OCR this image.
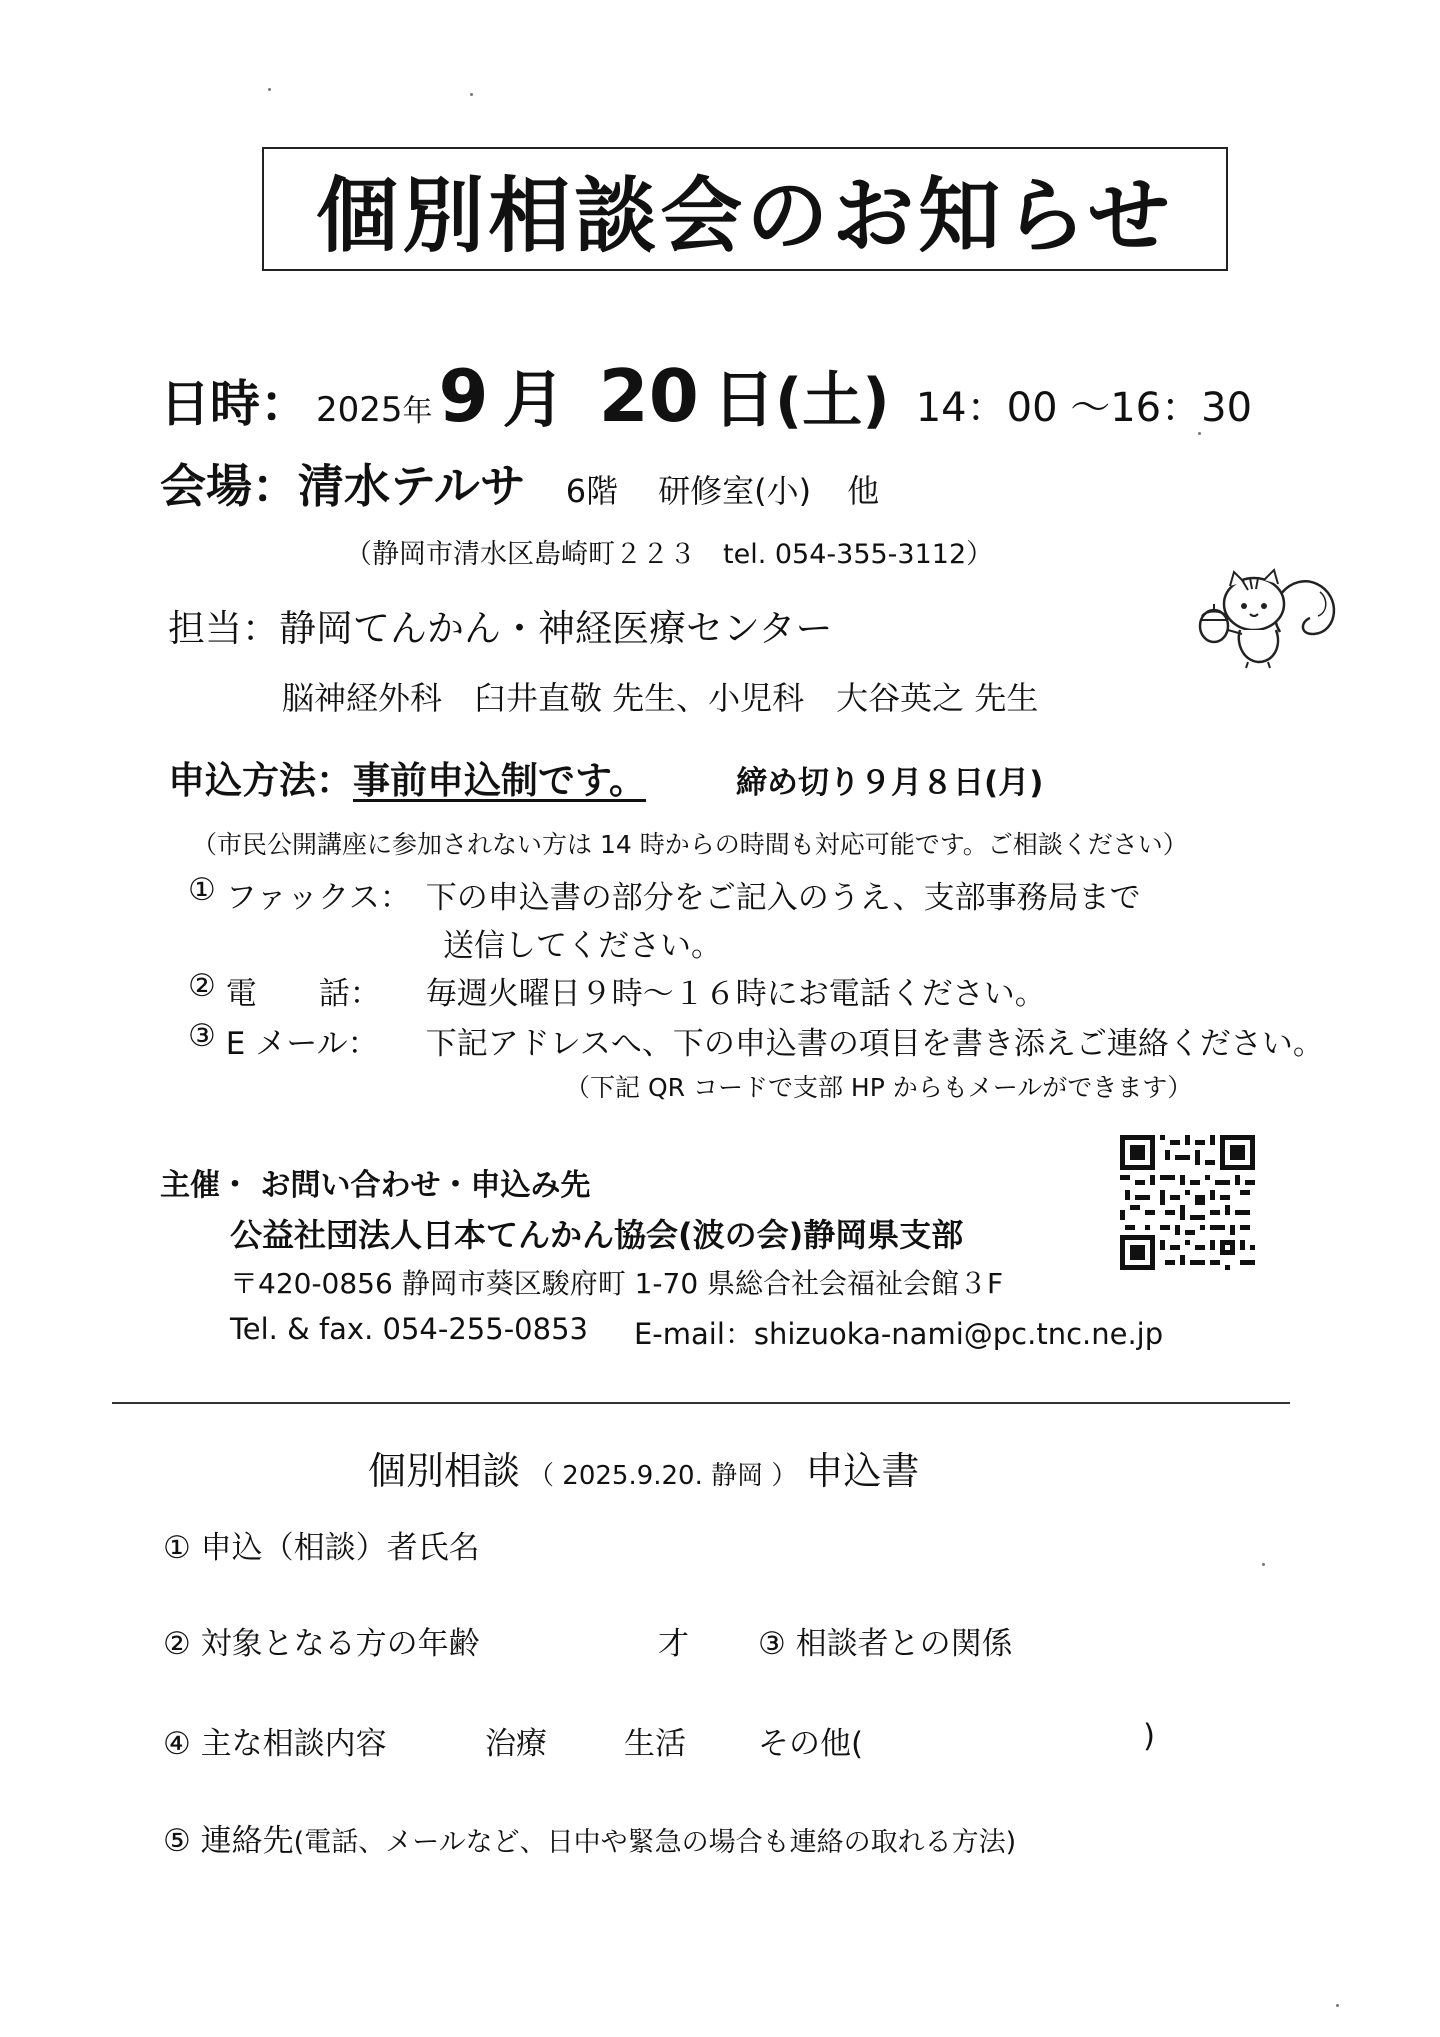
個別相談会のお知らせ
日時： 2025 年 9 月 20 日 (土) 14：00 ～16：30
会場： 清水テルサ 6階 研修室(小) 他
（静岡市清水区島崎町２２３　tel. 054-355-3112）
担当： 静岡てんかん・神経医療センター
脳神経外科　臼井直敬 先生、小児科　大谷英之 先生
申込方法： 事前申込制です。	締め切り９月８日(月)
（市民公開講座に参加されない方は 14 時からの時間も対応可能です。ご相談ください）
① ファックス： 下の申込書の部分をご記入のうえ、支部事務局まで
送信してください。
② 電　　話：	毎週火曜日９時～１６時にお電話ください。
③ E メール：	下記アドレスへ、下の申込書の項目を書き添えご連絡ください。
（下記 QR コードで支部 HP からもメールができます）
主催・ お問い合わせ・申込み先
公益社団法人日本てんかん協会(波の会)静岡県支部
〒420-0856 静岡市葵区駿府町 1-70 県総合社会福祉会館３F
Tel. & fax. 054-255-0853 E-mail：shizuoka-nami@pc.tnc.ne.jp
個別相談 （ 2025.9.20. 静岡 ） 申込書
① 申込（相談）者氏名
② 対象となる方の年齢	才 ③ 相談者との関係
④ 主な相談内容	治療 生活 その他(	)
⑤ 連絡先 (電話、メールなど、日中や緊急の場合も連絡の取れる方法)
